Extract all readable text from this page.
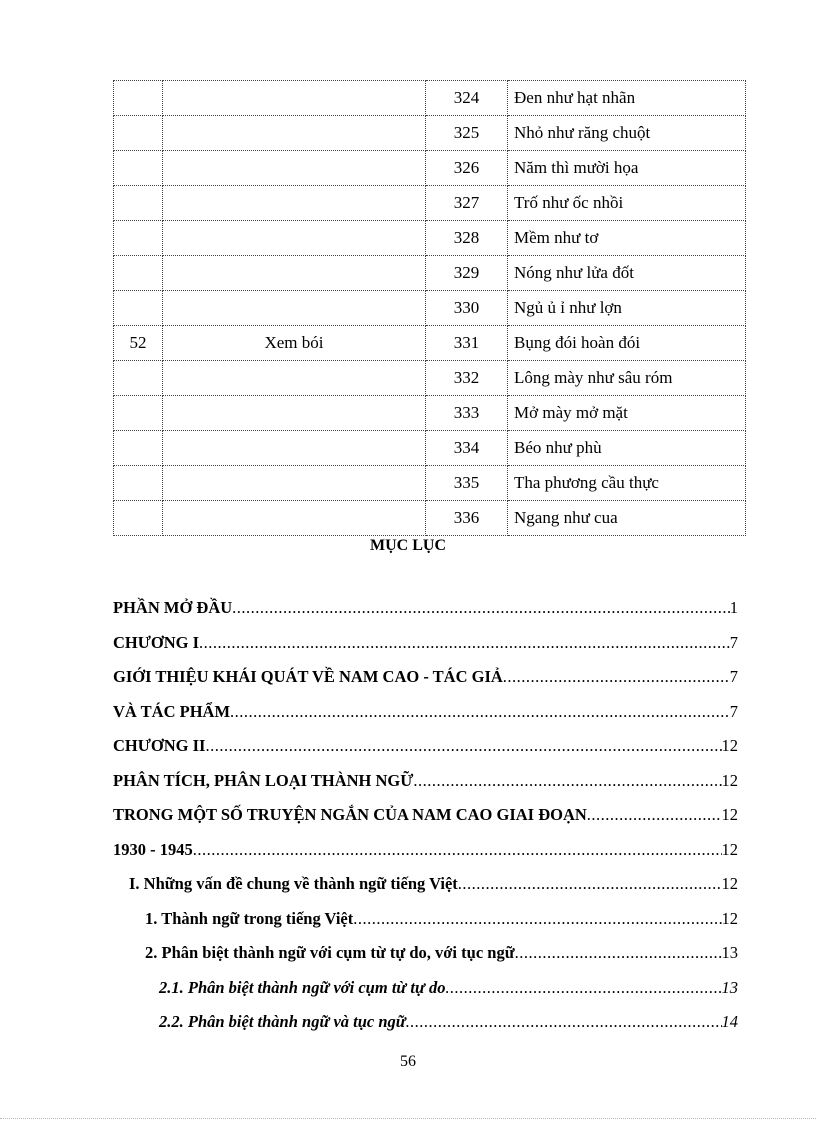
		324	Đen như hạt nhãn
		325	Nhỏ như răng chuột
		326	Năm thì mười họa
		327	Trố như ốc nhồi
		328	Mềm như tơ
		329	Nóng như lửa đốt
		330	Ngủ ủ ỉ như lợn
52	Xem bói	331	Bụng đói hoàn đói
		332	Lông mày như sâu róm
		333	Mở mày mở mặt
		334	Béo như phù
		335	Tha phương cầu thực
		336	Ngang như cua
MỤC LỤC
PHẦN MỞ ĐẦU .....	1
CHƯƠNG I .....	7
GIỚI THIỆU KHÁI QUÁT VỀ NAM CAO - TÁC GIẢ .....	7
VÀ TÁC PHẨM .....	7
CHƯƠNG II .....	12
PHÂN TÍCH, PHÂN LOẠI THÀNH NGỮ .....	12
TRONG MỘT SỐ TRUYỆN NGẮN CỦA NAM CAO GIAI ĐOẠN .....	12
1930 - 1945 .....	12
I. Những vấn đề chung về thành ngữ tiếng Việt .....	12
1. Thành ngữ trong tiếng Việt .....	12
2. Phân biệt thành ngữ với cụm từ tự do, với tục ngữ .....	13
2.1. Phân biệt thành ngữ với cụm từ tự do .....	13
2.2. Phân biệt thành ngữ và tục ngữ .....	14
56
